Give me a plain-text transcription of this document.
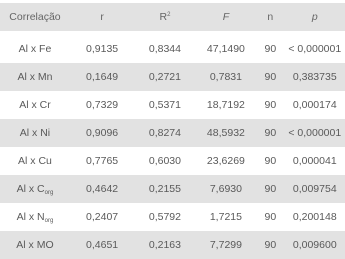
Correlação	r	$R^2$	F	n	p
Al x Fe	0,9135	0,8344	47,1490	90	< 0,000001
Al x Mn	0,1649	0,2721	0,7831	90	0,383735
Al x Cr	0,7329	0,5371	18,7192	90	0,000174
Al x Ni	0,9096	0,8274	48,5932	90	< 0,000001
Al x Cu	0,7765	0,6030	23,6269	90	0,000041
Al x $C_{org}$	0,4642	0,2155	7,6930	90	0,009754
Al x $N_{org}$	0,2407	0,5792	1,7215	90	0,200148
Al x MO	0,4651	0,2163	7,7299	90	0,009600
